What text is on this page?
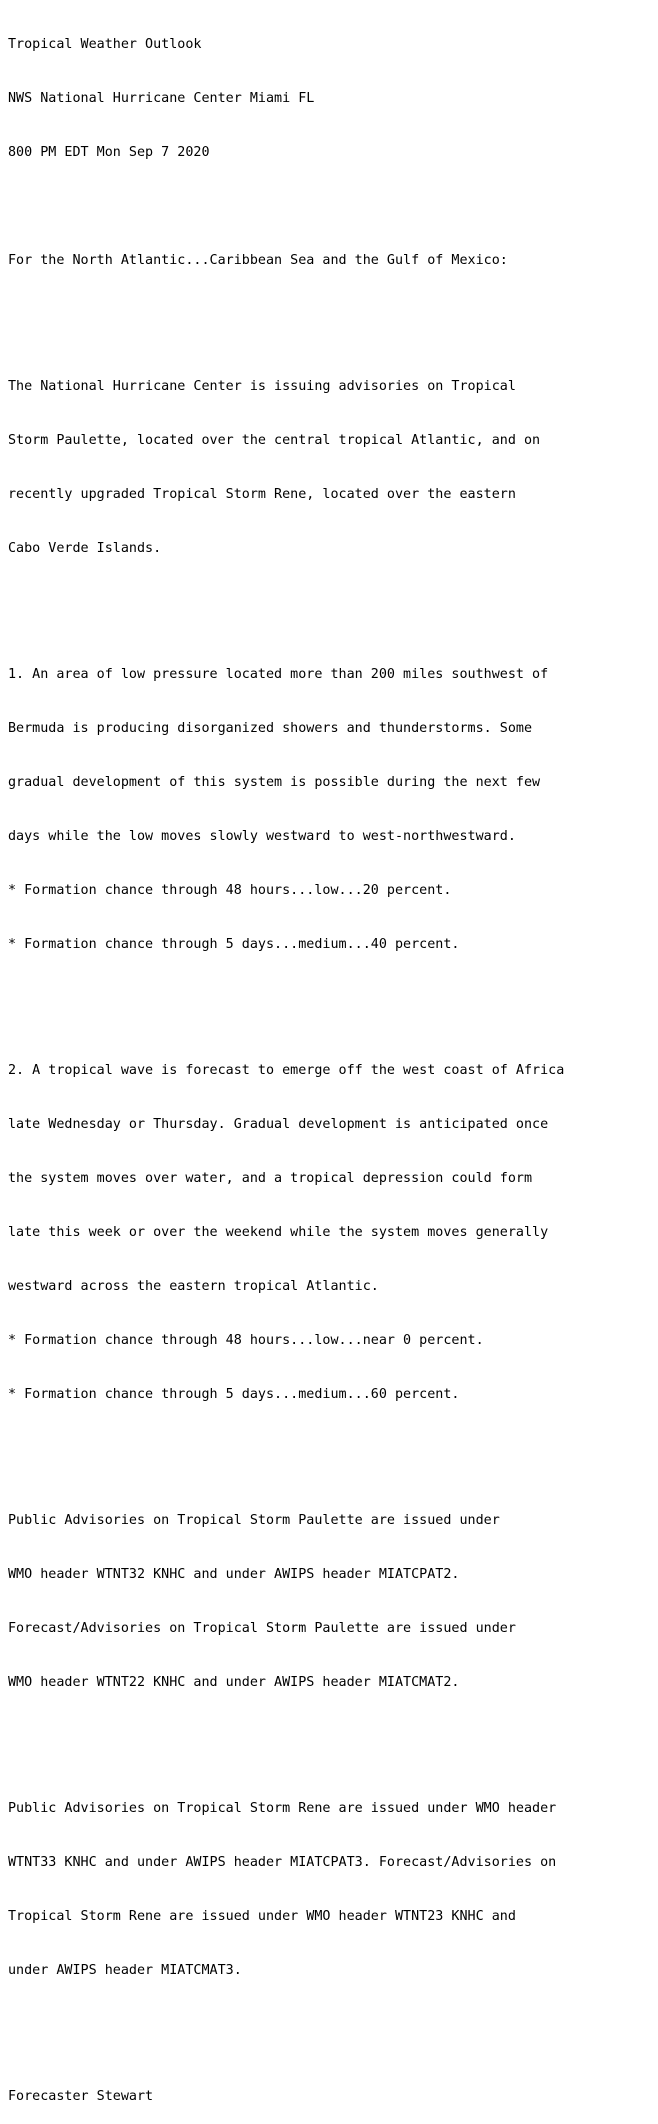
Tropical Weather Outlook

NWS National Hurricane Center Miami FL

800 PM EDT Mon Sep 7 2020

For the North Atlantic...Caribbean Sea and the Gulf of Mexico:

The National Hurricane Center is issuing advisories on Tropical

Storm Paulette, located over the central tropical Atlantic, and on

recently upgraded Tropical Storm Rene, located over the eastern

Cabo Verde Islands.

1. An area of low pressure located more than 200 miles southwest of

Bermuda is producing disorganized showers and thunderstorms. Some

gradual development of this system is possible during the next few

days while the low moves slowly westward to west-northwestward.

* Formation chance through 48 hours...low...20 percent.

* Formation chance through 5 days...medium...40 percent.

2. A tropical wave is forecast to emerge off the west coast of Africa

late Wednesday or Thursday. Gradual development is anticipated once

the system moves over water, and a tropical depression could form

late this week or over the weekend while the system moves generally

westward across the eastern tropical Atlantic.

* Formation chance through 48 hours...low...near 0 percent.

* Formation chance through 5 days...medium...60 percent.

Public Advisories on Tropical Storm Paulette are issued under

WMO header WTNT32 KNHC and under AWIPS header MIATCPAT2.

Forecast/Advisories on Tropical Storm Paulette are issued under

WMO header WTNT22 KNHC and under AWIPS header MIATCMAT2.

Public Advisories on Tropical Storm Rene are issued under WMO header

WTNT33 KNHC and under AWIPS header MIATCPAT3. Forecast/Advisories on

Tropical Storm Rene are issued under WMO header WTNT23 KNHC and

under AWIPS header MIATCMAT3.

Forecaster Stewart
